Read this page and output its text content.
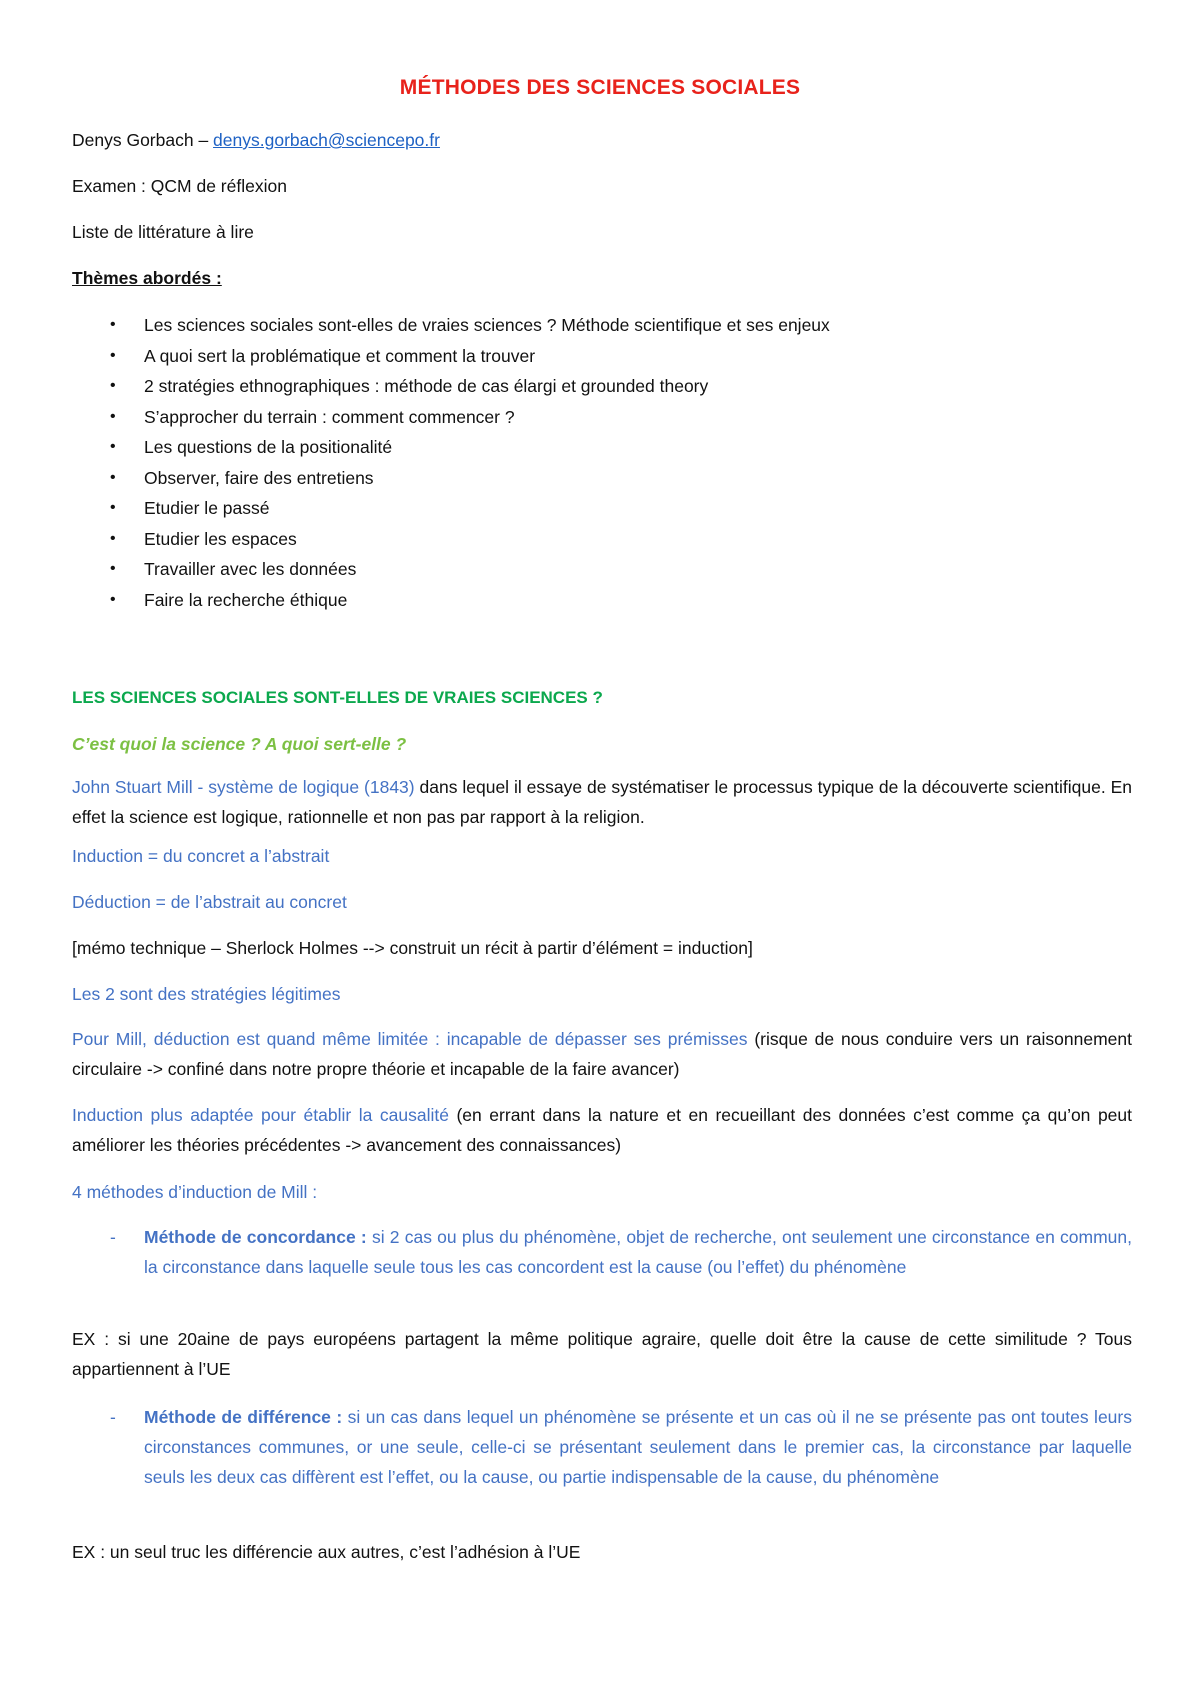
MÉTHODES DES SCIENCES SOCIALES
Denys Gorbach – denys.gorbach@sciencepo.fr
Examen : QCM de réflexion
Liste de littérature à lire
Thèmes abordés :
• Les sciences sociales sont-elles de vraies sciences ? Méthode scientifique et ses enjeux
• A quoi sert la problématique et comment la trouver
• 2 stratégies ethnographiques : méthode de cas élargi et grounded theory
• S’approcher du terrain : comment commencer ?
• Les questions de la positionalité
• Observer, faire des entretiens
• Etudier le passé
• Etudier les espaces
• Travailler avec les données
• Faire la recherche éthique
LES SCIENCES SOCIALES SONT-ELLES DE VRAIES SCIENCES ?
C’est quoi la science ? A quoi sert-elle ?
John Stuart Mill - système de logique (1843) dans lequel il essaye de systématiser le processus typique de la découverte scientifique. En effet la science est logique, rationnelle et non pas par rapport à la religion.
Induction = du concret a l’abstrait
Déduction = de l’abstrait au concret
[mémo technique – Sherlock Holmes --> construit un récit à partir d’élément = induction]
Les 2 sont des stratégies légitimes
Pour Mill, déduction est quand même limitée : incapable de dépasser ses prémisses (risque de nous conduire vers un raisonnement circulaire -> confiné dans notre propre théorie et incapable de la faire avancer)
Induction plus adaptée pour établir la causalité (en errant dans la nature et en recueillant des données c’est comme ça qu’on peut améliorer les théories précédentes -> avancement des connaissances)
4 méthodes d’induction de Mill :
- Méthode de concordance : si 2 cas ou plus du phénomène, objet de recherche, ont seulement une circonstance en commun, la circonstance dans laquelle seule tous les cas concordent est la cause (ou l’effet) du phénomène
EX : si une 20aine de pays européens partagent la même politique agraire, quelle doit être la cause de cette similitude ? Tous appartiennent à l’UE
- Méthode de différence : si un cas dans lequel un phénomène se présente et un cas où il ne se présente pas ont toutes leurs circonstances communes, or une seule, celle-ci se présentant seulement dans le premier cas, la circonstance par laquelle seuls les deux cas diffèrent est l’effet, ou la cause, ou partie indispensable de la cause, du phénomène
EX : un seul truc les différencie aux autres, c’est l’adhésion à l’UE
